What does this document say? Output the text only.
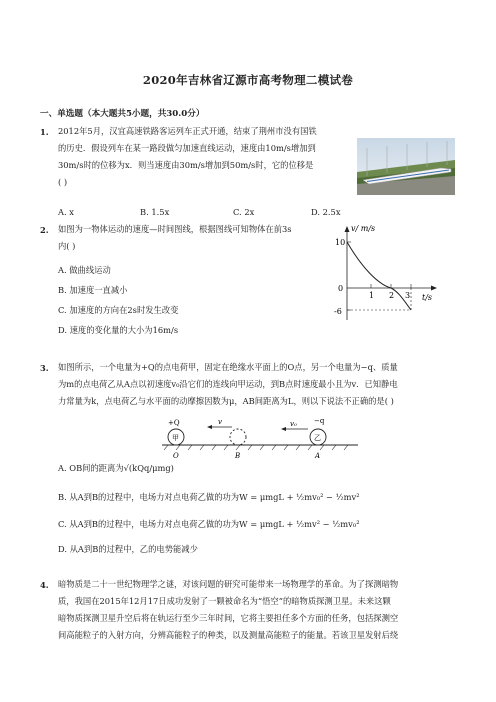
2020年吉林省辽源市高考物理二模试卷
一、单选题（本大题共5小题，共30.0分）
1. 2012年5月，汉宜高速铁路客运列车正式开通，结束了荆州市没有国铁
的历史．假设列车在某一路段做匀加速直线运动，速度由10m/s增加到
30m/s时的位移为x．则当速度由30m/s增加到50m/s时，它的位移是
( )
A. x	B. 1.5x	C. 2x	D. 2.5x
2. 如图为一物体运动的速度—时间图线，根据图线可知物体在前3s
内( )
A. 做曲线运动
B. 加速度一直减小
C. 加速度的方向在2s时发生改变
D. 速度的变化量的大小为16m/s
v/ m/s
10
0
-6
1 2 3 t/s
3. 如图所示，一个电量为+Q的点电荷甲，固定在绝缘水平面上的O点，另一个电量为−q、质量
为m的点电荷乙从A点以初速度v₀沿它们的连线向甲运动，到B点时速度最小且为v．已知静电
力常量为k，点电荷乙与水平面的动摩擦因数为μ，AB间距离为L，则以下说法不正确的是( )
甲
+Q	v
乙
−q
v₀
O	B	A
A. OB间的距离为√(kQq/μmg)
B. 从A到B的过程中，电场力对点电荷乙做的功为W = μmgL + ½mv₀² − ½mv²
C. 从A到B的过程中，电场力对点电荷乙做的功为W = μmgL + ½mv² − ½mv₀²
D. 从A到B的过程中，乙的电势能减少
4. 暗物质是二十一世纪物理学之谜，对该问题的研究可能带来一场物理学的革命。为了探测暗物
质，我国在2015年12月17日成功发射了一颗被命名为“悟空”的暗物质探测卫星。未来这颗
暗物质探测卫星升空后将在轨运行至少三年时间，它将主要担任多个方面的任务，包括探测空
间高能粒子的入射方向，分辨高能粒子的种类，以及测量高能粒子的能量。若该卫星发射后绕
